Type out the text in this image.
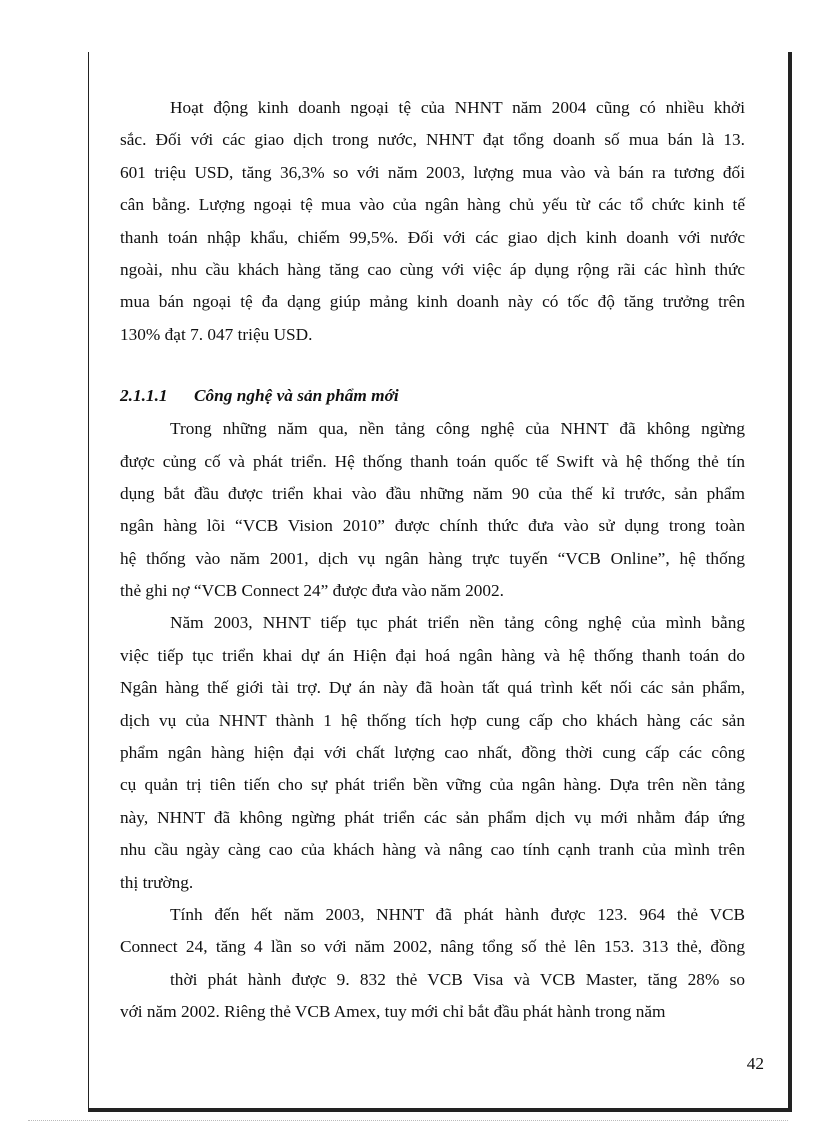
Hoạt động kinh doanh ngoại tệ của NHNT năm 2004 cũng có nhiều khởi
sắc. Đối với các giao dịch trong nước, NHNT đạt tổng doanh số mua bán là 13.
601 triệu USD, tăng 36,3% so với năm 2003, lượng mua vào và bán ra tương đối
cân bằng. Lượng ngoại tệ mua vào của ngân hàng chủ yếu từ các tổ chức kinh tế
thanh toán nhập khẩu, chiếm 99,5%. Đối với các giao dịch kinh doanh với nước
ngoài, nhu cầu khách hàng tăng cao cùng với việc áp dụng rộng rãi các hình thức
mua bán ngoại tệ đa dạng giúp mảng kinh doanh này có tốc độ tăng trưởng trên
130% đạt 7. 047 triệu USD.
2.1.1.1 Công nghệ và sản phẩm mới
Trong những năm qua, nền tảng công nghệ của NHNT đã không ngừng
được củng cố và phát triển. Hệ thống thanh toán quốc tế Swift và hệ thống thẻ tín
dụng bắt đầu được triển khai vào đầu những năm 90 của thế kỉ trước, sản phẩm
ngân hàng lõi “VCB Vision 2010” được chính thức đưa vào sử dụng trong toàn
hệ thống vào năm 2001, dịch vụ ngân hàng trực tuyến “VCB Online”, hệ thống
thẻ ghi nợ “VCB Connect 24” được đưa vào năm 2002.
Năm 2003, NHNT tiếp tục phát triển nền tảng công nghệ của mình bằng
việc tiếp tục triển khai dự án Hiện đại hoá ngân hàng và hệ thống thanh toán do
Ngân hàng thế giới tài trợ. Dự án này đã hoàn tất quá trình kết nối các sản phẩm,
dịch vụ của NHNT thành 1 hệ thống tích hợp cung cấp cho khách hàng các sản
phẩm ngân hàng hiện đại với chất lượng cao nhất, đồng thời cung cấp các công
cụ quản trị tiên tiến cho sự phát triển bền vững của ngân hàng. Dựa trên nền tảng
này, NHNT đã không ngừng phát triển các sản phẩm dịch vụ mới nhằm đáp ứng
nhu cầu ngày càng cao của khách hàng và nâng cao tính cạnh tranh của mình trên
thị trường.
Tính đến hết năm 2003, NHNT đã phát hành được 123. 964 thẻ VCB
Connect 24, tăng 4 lần so với năm 2002, nâng tổng số thẻ lên 153. 313 thẻ, đồng
thời phát hành được 9. 832 thẻ VCB Visa và VCB Master, tăng 28% so
với năm 2002. Riêng thẻ VCB Amex, tuy mới chỉ bắt đầu phát hành trong năm
42
